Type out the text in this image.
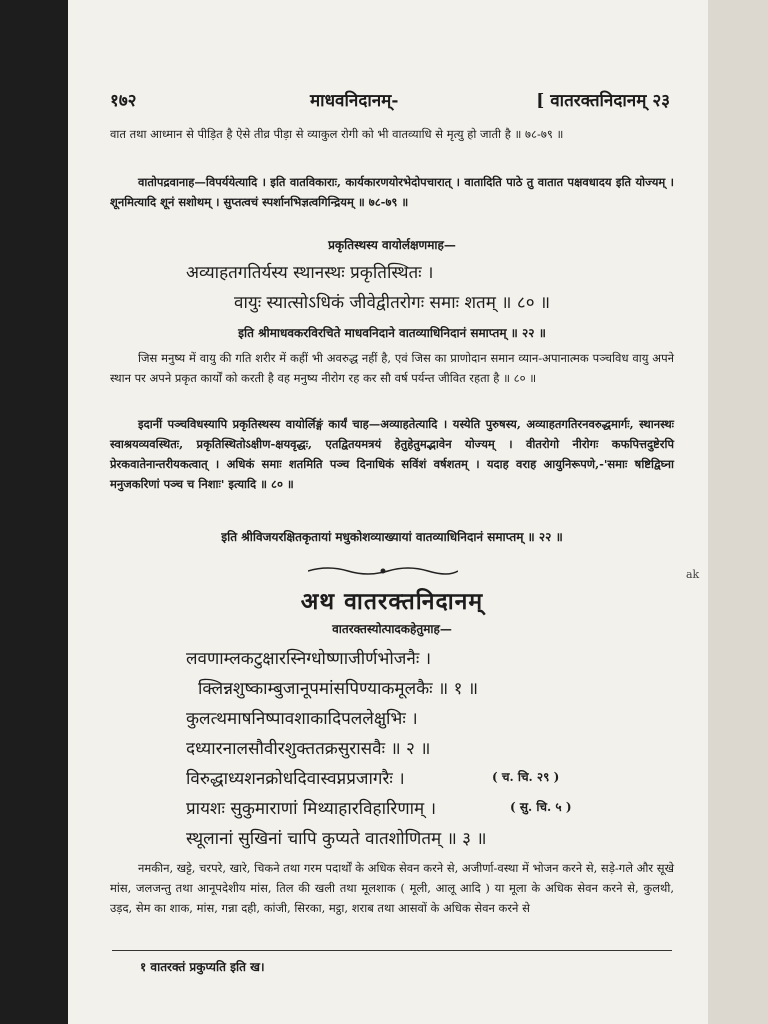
१७२	माधवनिदानम्-	[ वातरक्तनिदानम् २३

वात तथा आध्मान से पीड़ित है ऐसे तीव्र पीड़ा से व्याकुल रोगी को भी वातव्याधि से मृत्यु हो जाती है ॥ ७८-७९ ॥

वातोपद्रवानाह—विपर्ययेत्यादि । इति वातविकाराः, कार्यकारणयोरभेदोपचारात् । वातादिति पाठे तु वातात पक्षवधादय इति योज्यम् । शूनमित्यादि शूनं सशोथम् । सुप्तत्वचं स्पर्शानभिज्ञत्वगिन्द्रियम् ॥ ७८-७९ ॥

प्रकृतिस्थस्य वायोर्लक्षणमाह—

अव्याहतगतिर्यस्य स्थानस्थः प्रकृतिस्थितः ।

वायुः स्यात्सोऽधिकं जीवेद्वीतरोगः समाः शतम् ॥ ८० ॥

इति श्रीमाधवकरविरचिते माधवनिदाने वातव्याधिनिदानं समाप्तम् ॥ २२ ॥

जिस मनुष्य में वायु की गति शरीर में कहीं भी अवरुद्ध नहीं है, एवं जिस का प्राणोदान समान व्यान-अपानात्मक पञ्चविध वायु अपने स्थान पर अपने प्रकृत कार्यों को करती है वह मनुष्य नीरोग रह कर सौ वर्ष पर्यन्त जीवित रहता है ॥ ८० ॥

इदानीं पञ्चविधस्यापि प्रकृतिस्थस्य वायोर्लिङ्गं कार्यं चाह—अव्याहतेत्यादि । यस्येति पुरुषस्य, अव्याहतगतिरनवरुद्धमार्गः, स्थानस्थः स्वाश्रयव्यवस्थितः, प्रकृतिस्थितोऽक्षीण-क्षयवृद्धः, एतद्वितयमत्रयं हेतुहेतुमद्भावेन योज्यम् । वीतरोगो नीरोगः कफपित्तदुष्टेरपि प्रेरकवातेनान्तरीयकत्वात् । अधिकं समाः शतमिति पञ्च दिनाधिकं सविंशं वर्षशतम् । यदाह वराह आयुनिरूपणे,-'समाः षष्टिद्विघ्ना मनुजकरिणां पञ्च च निशाः' इत्यादि ॥ ८० ॥

इति श्रीविजयरक्षितकृतायां मधुकोशव्याख्यायां वातव्याधिनिदानं समाप्तम् ॥ २२ ॥
अथ वातरक्तनिदानम्
वातरक्तस्योत्पादकहेतुमाह—

लवणाम्लकटुक्षारस्निग्धोष्णाजीर्णभोजनैः ।

क्लिन्नशुष्काम्बुजानूपमांसपिण्याकमूलकैः ॥ १ ॥

कुलत्थमाषनिष्पावशाकादिपललेक्षुभिः ।

दध्यारनालसौवीरशुक्ततक्रसुरासवैः ॥ २ ॥

विरुद्धाध्यशनक्रोधदिवास्वप्नप्रजागरैः ।

प्रायशः सुकुमाराणां मिथ्याहारविहारिणाम् ।

स्थूलानां सुखिनां चापि कुप्यते वातशोणितम् ॥ ३ ॥

( च. चि. २९ )
( सु. चि. ५ )

नमकीन, खट्टे, चरपरे, खारे, चिकने तथा गरम पदार्थों के अधिक सेवन करने से, अजीर्णा-वस्था में भोजन करने से, सड़े-गले और सूखे मांस, जलजन्तु तथा आनूपदेशीय मांस, तिल की खली तथा मूलशाक ( मूली, आलू आदि ) या मूला के अधिक सेवन करने से, कुलथी, उड़द, सेम का शाक, मांस, गन्ना दही, कांजी, सिरका, मट्ठा, शराब तथा आसवों के अधिक सेवन करने से

१ वातरक्तं प्रकुप्यति इति ख।
ak
